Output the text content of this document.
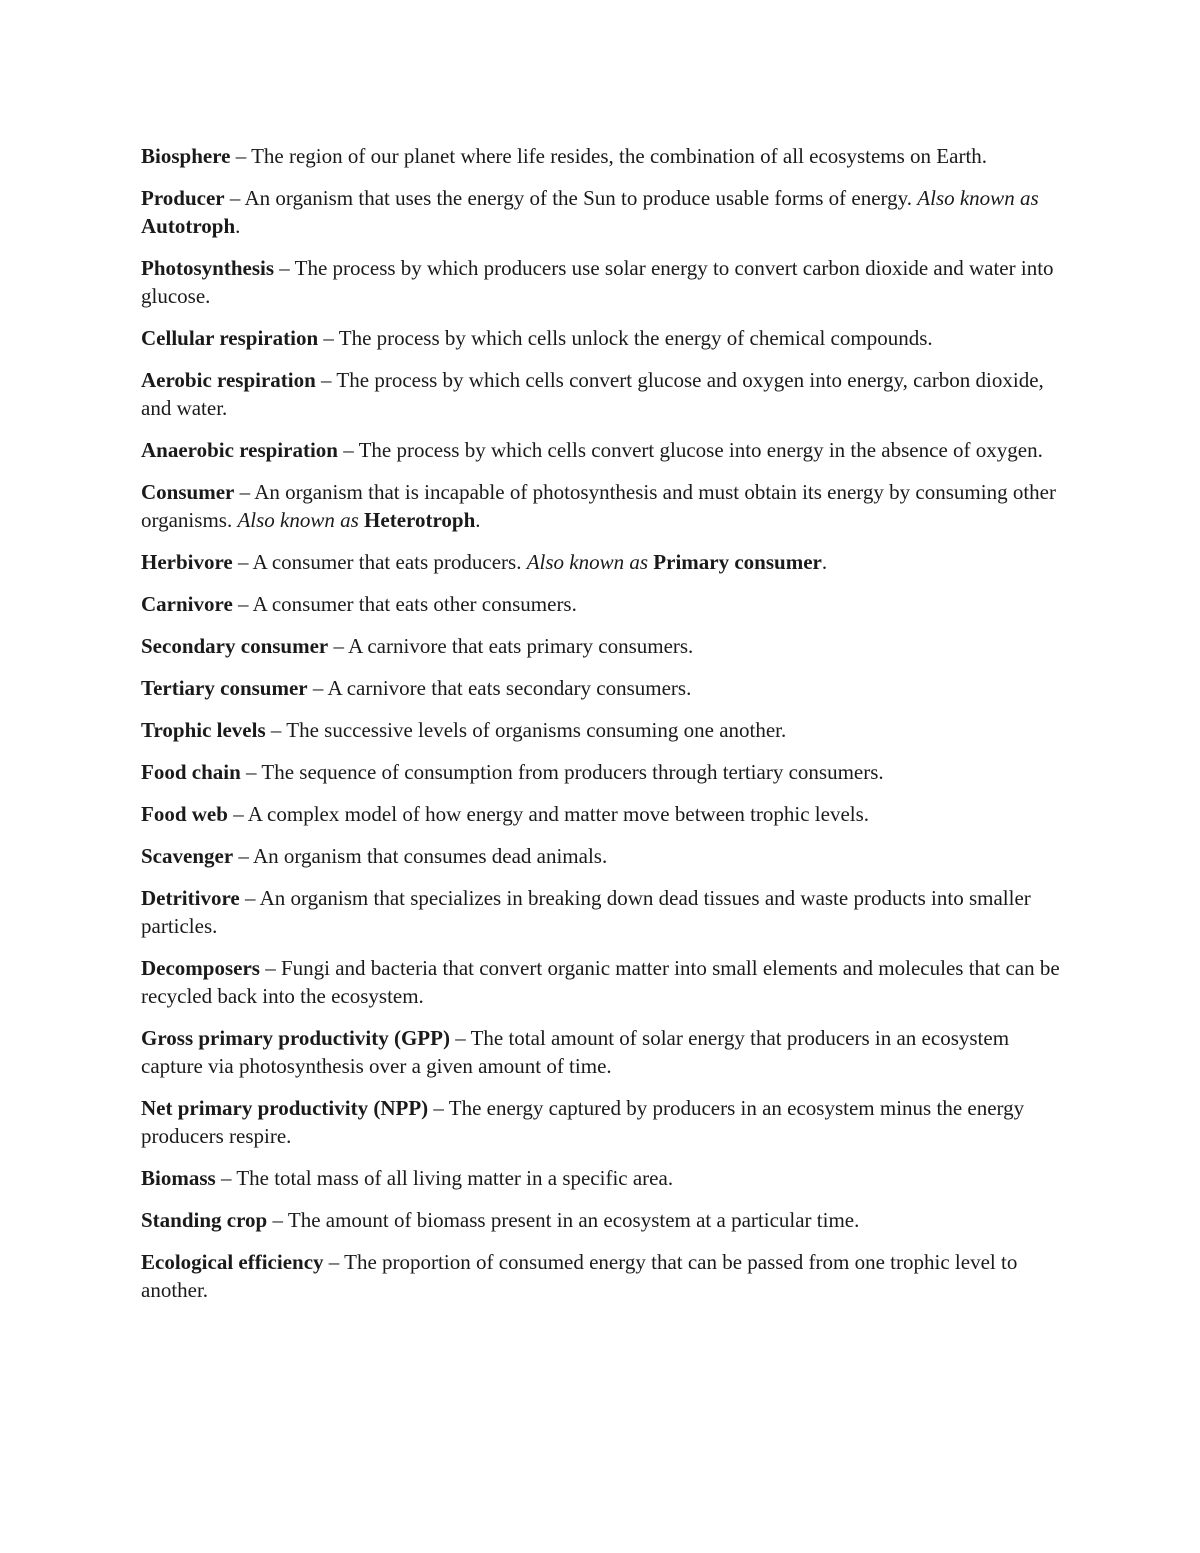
Biosphere – The region of our planet where life resides, the combination of all ecosystems on Earth.

Producer – An organism that uses the energy of the Sun to produce usable forms of energy. Also known as Autotroph.

Photosynthesis – The process by which producers use solar energy to convert carbon dioxide and water into glucose.

Cellular respiration – The process by which cells unlock the energy of chemical compounds.

Aerobic respiration – The process by which cells convert glucose and oxygen into energy, carbon dioxide, and water.

Anaerobic respiration – The process by which cells convert glucose into energy in the absence of oxygen.

Consumer – An organism that is incapable of photosynthesis and must obtain its energy by consuming other organisms. Also known as Heterotroph.

Herbivore – A consumer that eats producers. Also known as Primary consumer.

Carnivore – A consumer that eats other consumers.

Secondary consumer – A carnivore that eats primary consumers.

Tertiary consumer – A carnivore that eats secondary consumers.

Trophic levels – The successive levels of organisms consuming one another.

Food chain – The sequence of consumption from producers through tertiary consumers.

Food web – A complex model of how energy and matter move between trophic levels.

Scavenger – An organism that consumes dead animals.

Detritivore – An organism that specializes in breaking down dead tissues and waste products into smaller particles.

Decomposers – Fungi and bacteria that convert organic matter into small elements and molecules that can be recycled back into the ecosystem.

Gross primary productivity (GPP) – The total amount of solar energy that producers in an ecosystem capture via photosynthesis over a given amount of time.

Net primary productivity (NPP) – The energy captured by producers in an ecosystem minus the energy producers respire.

Biomass – The total mass of all living matter in a specific area.

Standing crop – The amount of biomass present in an ecosystem at a particular time.

Ecological efficiency – The proportion of consumed energy that can be passed from one trophic level to another.
